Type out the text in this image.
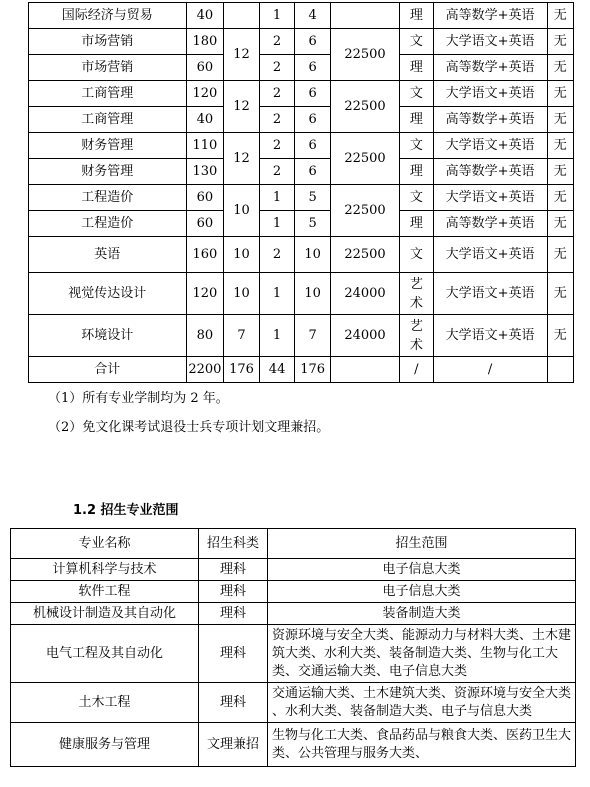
国际经济与贸易	40		1	4		理	高等数学+英语	无
市场营销	180	12	2	6	22500	文	大学语文+英语	无
市场营销	60		2	6		理	高等数学+英语	无
工商管理	120	12	2	6	22500	文	大学语文+英语	无
工商管理	40		2	6		理	高等数学+英语	无
财务管理	110	12	2	6	22500	文	大学语文+英语	无
财务管理	130		2	6		理	高等数学+英语	无
工程造价	60	10	1	5	22500	文	大学语文+英语	无
工程造价	60		1	5		理	高等数学+英语	无
英语	160	10	2	10	22500	文	大学语文+英语	无
视觉传达设计	120	10	1	10	24000	艺术	大学语文+英语	无
环境设计	80	7	1	7	24000	艺术	大学语文+英语	无
合计	2200	176	44	176		/	/	
（1）所有专业学制均为 2 年。
（2）免文化课考试退役士兵专项计划文理兼招。
1.2 招生专业范围
专业名称	招生科类	招生范围
计算机科学与技术	理科	电子信息大类
软件工程	理科	电子信息大类
机械设计制造及其自动化	理科	装备制造大类
电气工程及其自动化	理科	资源环境与安全大类、能源动力与材料大类、土木建筑大类、水利大类、装备制造大类、生物与化工大类、交通运输大类、电子信息大类
土木工程	理科	交通运输大类、土木建筑大类、资源环境与安全大类 、水利大类、装备制造大类、电子与信息大类
健康服务与管理	文理兼招	生物与化工大类、食品药品与粮食大类、医药卫生大类、公共管理与服务大类、
